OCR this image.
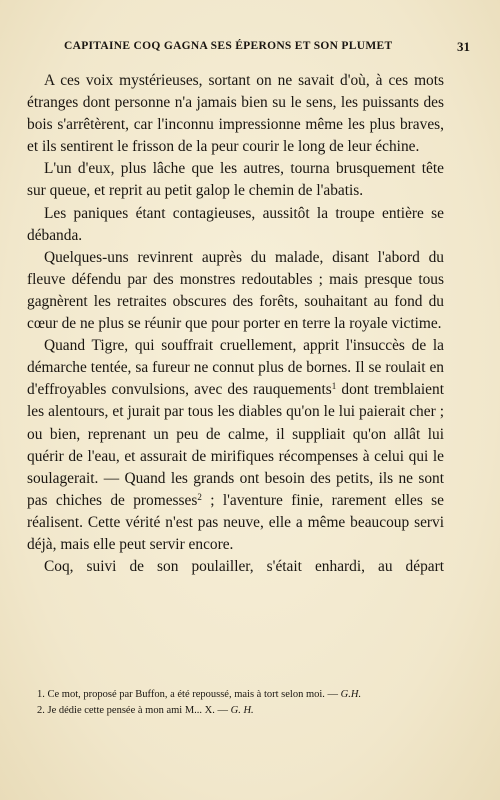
CAPITAINE COQ GAGNA SES ÉPERONS ET SON PLUMET	31

A ces voix mystérieuses, sortant on ne savait d'où, à ces mots étranges dont personne n'a jamais bien su le sens, les puissants des bois s'arrêtèrent, car l'inconnu impressionne même les plus braves, et ils sentirent le frisson de la peur courir le long de leur échine.

L'un d'eux, plus lâche que les autres, tourna brusquement tête sur queue, et reprit au petit galop le chemin de l'abatis.

Les paniques étant contagieuses, aussitôt la troupe entière se débanda.

Quelques-uns revinrent auprès du malade, disant l'abord du fleuve défendu par des monstres redoutables ; mais presque tous gagnèrent les retraites obscures des forêts, souhaitant au fond du cœur de ne plus se réunir que pour porter en terre la royale victime.

Quand Tigre, qui souffrait cruellement, apprit l'insuccès de la démarche tentée, sa fureur ne connut plus de bornes. Il se roulait en d'effroyables convulsions, avec des rauquements$^1$ dont tremblaient les alentours, et jurait par tous les diables qu'on le lui paierait cher ; ou bien, reprenant un peu de calme, il suppliait qu'on allât lui quérir de l'eau, et assurait de mirifiques récompenses à celui qui le soulagerait. — Quand les grands ont besoin des petits, ils ne sont pas chiches de promesses$^2$ ; l'aventure finie, rarement elles se réalisent. Cette vérité n'est pas neuve, elle a même beaucoup servi déjà, mais elle peut servir encore.

Coq, suivi de son poulailler, s'était enhardi, au départ

1. Ce mot, proposé par Buffon, a été repoussé, mais à tort selon moi. — G.H.
2. Je dédie cette pensée à mon ami M... X. — G. H.
